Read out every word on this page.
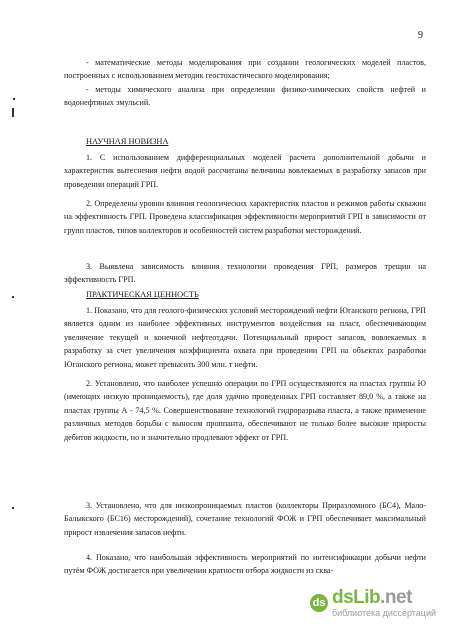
9
- математические методы моделирования при создании геологических моделей пластов, построенных с использованием методик геостохастического моделирования;
- методы химического анализа при определении физико-химических свойств нефтей и водонефтяных эмульсий.
НАУЧНАЯ НОВИЗНА
1. С использованием дифференциальных моделей расчета дополнительной добычи и характеристик вытеснения нефти водой рассчитаны величины вовлекаемых в разработку запасов при проведении операций ГРП.
2. Определены уровни влияния геологических характеристик пластов и режимов работы скважин на эффективность ГРП. Проведена классификация эффективности мероприятий ГРП в зависимости от групп пластов, типов коллекторов и особенностей систем разработки месторождений.
3. Выявлена зависимость влияния технологии проведения ГРП, размеров трещин на эффективность ГРП.
ПРАКТИЧЕСКАЯ ЦЕННОСТЬ
1. Показано, что для геолого-физических условий месторождений нефти Юганского региона, ГРП является одним из наиболее эффективных инструментов воздействия на пласт, обеспечивающим увеличение текущей и конечной нефтеотдачи. Потенциальный прирост запасов, вовлекаемых в разработку за счет увеличения коэффициента охвата при проведении ГРП на объектах разработки Юганского региона, может превысить 300 млн. т нефти.
2. Установлено, что наиболее успешно операции по ГРП осуществляются на пластах группы Ю (имеющих низкую проницаемость), где доля удачно проведенных ГРП составляет 89,0 %, а также на пластах группы А - 74,5 %. Совершенствование технологий гидроразрыва пласта, а также применение различных методов борьбы с выносом проппанта, обеспечивают не только более высокие приросты дебитов жидкости, но и значительно продлевают эффект от ГРП.
3. Установлено, что для низкопроницаемых пластов (коллекторы Приразломного (БС4), Мало-Балыкского (БС16) месторождений), сочетание технологий ФОЖ и ГРП обеспечивает максимальный прирост извлечения запасов нефти.
4. Показано, что наибольшая эффективность мероприятий по интенсификации добычи нефти путём ФОЖ достигается при увеличении кратности отбора жидкости из сква-
ds dsLib.net
библиотека диссертаций
